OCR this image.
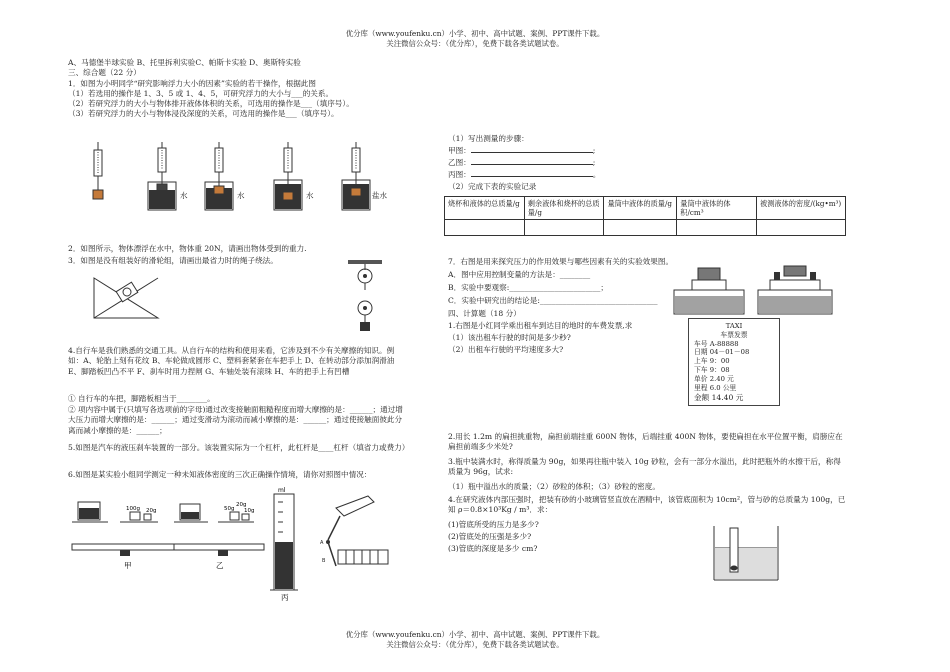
优分库（www.youfenku.cn）小学、初中、高中试题、案例、PPT课件下载。
关注微信公众号：（优分库），免费下载各类试题试卷。
A、马德堡半球实验 B、托里拆利实验C、帕斯卡实验 D、奥斯特实验
三、综合题（22 分）
1．如图为小明同学“研究影响浮力大小的因素”实验的若干操作，根据此图
（1）若选用的操作是 1、3、5 或 1、4、5，可研究浮力的大小与___的关系。
（2）若研究浮力的大小与物体排开液体体积的关系，可选用的操作是___（填序号）。
（3）若研究浮力的大小与物体浸没深度的关系，可选用的操作是___（填序号）。
水	水	水	盐水
2．如图所示，物体漂浮在水中，物体重 20N，请画出物体受到的重力.
3．如图是没有组装好的滑轮组，请画出最省力时的绳子绕法。
4.自行车是我们熟悉的交通工具。从自行车的结构和使用来看，它涉及到不少有关摩擦的知识。例如：A、轮胎上刻有花纹 B、车轮做成圆形 C、塑料套紧套在车把手上 D、在转动部分添加润滑油 E、脚踏板凹凸不平 F、刹车时用力捏闸 G、车轴处装有滚珠 H、车的把手上有凹槽
① 自行车的车把，脚踏板相当于________。
② 项内容中属于(只填写各选项前的字母)通过改变接触面粗糙程度而增大摩擦的是：______；通过增大压力而增大摩擦的是：______；通过变滑动为滚动而减小摩擦的是：______；通过使接触面彼此分离而减小摩擦的是：______；
5.如图是汽车的液压刹车装置的一部分。该装置实际为一个杠杆，此杠杆是____杠杆（填省力或费力）
6.如图是某实验小组同学测定一种未知液体密度的三次正确操作情境，请你对照图中情况：
100g 20g
甲
50g
20g
10g
乙
ml
丙
A
B
（1）写出测量的步骤：
甲图：	;
乙图：	;
丙图：	。
（2）完成下表的实验记录
烧杯和液体的总质量/g	剩余液体和烧杯的总质量/g	量筒中液体的质量/g	量筒中液体的体积/cm³	被测液体的密度/(kg•m³)

7．右图是用来探究压力的作用效果与哪些因素有关的实验效果图。
A．图中应用控制变量的方法是：________
B．实验中要观察:________________________；
C．实验中研究出的结论是:_______________________________
四、计算题（18 分）
1.右图是小红同学乘出租车到达目的地时的车费发票,求
（1）该出租车行驶的时间是多少秒?
（2）出租车行驶的平均速度多大?
TAXI
车票发票
车号 A-88888
日期 04－01－08
上车 9：00
下车 9：08
单价 2.40 元
里程 6.0 公里
金额 14.40 元
2.用长 1.2m 的扁担挑重物，扁担前端挂重 600N 物体，后端挂重 400N 物体，要使扁担在水平位置平衡，肩膀应在扁担前端多少米处?
3.瓶中装满水时，称得质量为 90g，如果再往瓶中装入 10g 砂粒，会有一部分水溢出，此时把瓶外的水擦干后，称得质量为 96g，试求:
（1）瓶中溢出水的质量；（2）砂粒的体积；（3）砂粒的密度。
4.在研究液体内部压强时，把装有砂的小玻璃管竖直放在酒精中，该管底面积为 10cm²，管与砂的总质量为 100g，已知 ρ＝0.8×10³Kg / m³．求：
(1)管底所受的压力是多少?
(2)管底处的压强是多少?
(3)管底的深度是多少 cm?
优分库（www.youfenku.cn）小学、初中、高中试题、案例、PPT课件下载。
关注微信公众号：（优分库），免费下载各类试题试卷。
